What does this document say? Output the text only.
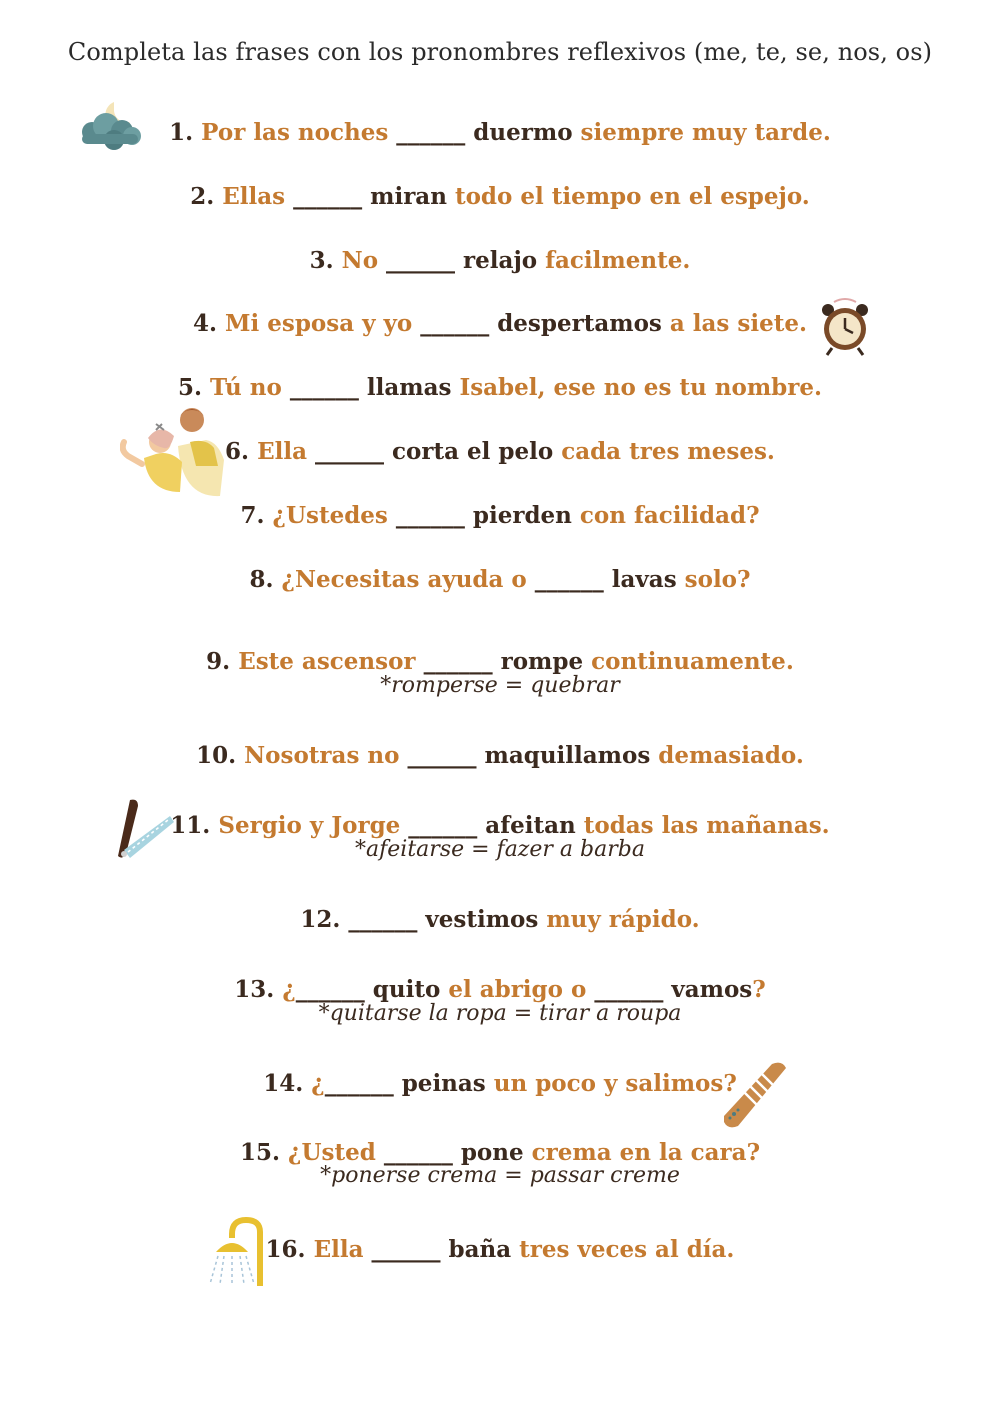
Completa las frases con los pronombres reflexivos (me, te, se, nos, os)
1. Por las noches ______ duermo siempre muy tarde.
2. Ellas ______ miran todo el tiempo en el espejo.
3. No ______ relajo facilmente.
4. Mi esposa y yo ______ despertamos a las siete.
5. Tú no ______ llamas Isabel, ese no es tu nombre.
6. Ella ______ corta el pelo cada tres meses.
7. ¿Ustedes ______ pierden con facilidad?
8. ¿Necesitas ayuda o ______ lavas solo?
9. Este ascensor ______ rompe continuamente.
*romperse = quebrar
10. Nosotras no ______ maquillamos demasiado.
11. Sergio y Jorge ______ afeitan todas las mañanas.
*afeitarse = fazer a barba
12. ______ vestimos muy rápido.
13. ¿______ quito el abrigo o ______ vamos?
*quitarse la ropa = tirar a roupa
14. ¿______ peinas un poco y salimos?
15. ¿Usted ______ pone crema en la cara?
*ponerse crema = passar creme
16. Ella ______ baña tres veces al día.
